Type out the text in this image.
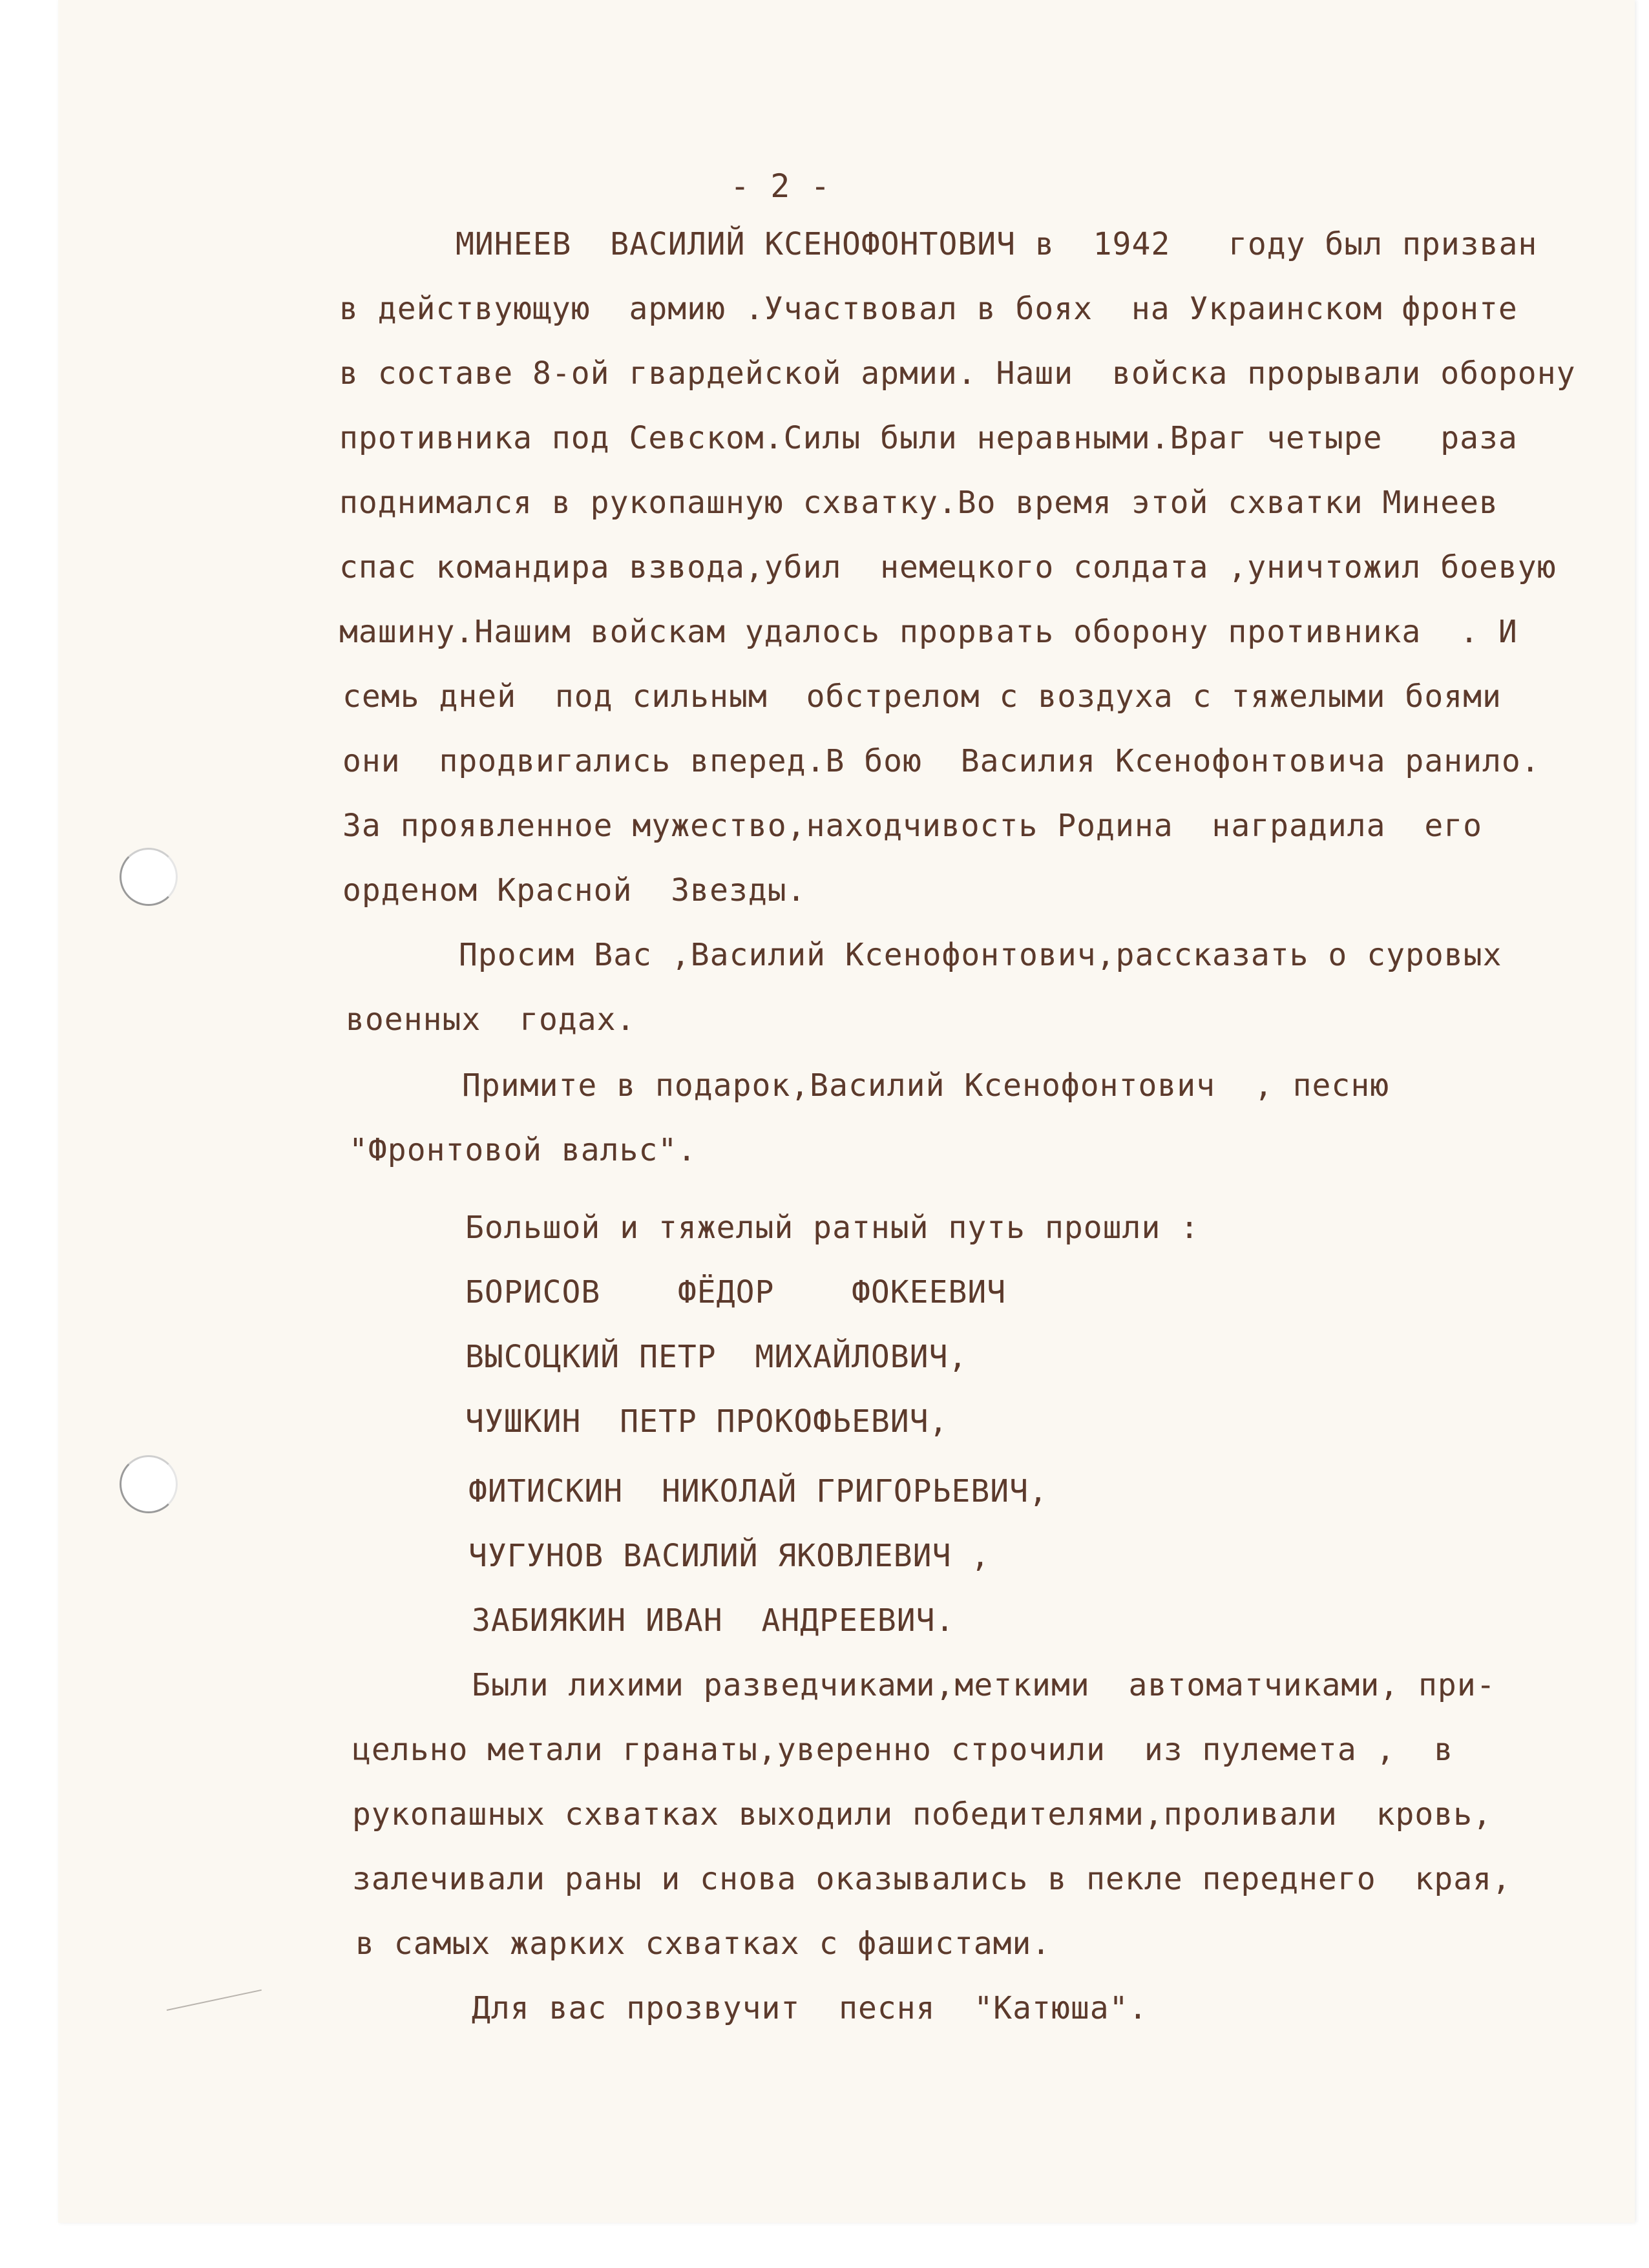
- 2 -
МИНЕЕВ  ВАСИЛИЙ КСЕНОФОНТОВИЧ в  1942   году был призван
в действующую  армию .Участвовал в боях  на Украинском фронте
в составе 8-ой гвардейской армии. Наши  войска прорывали оборону
противника под Севском.Силы были неравными.Враг четыре   раза
поднимался в рукопашную схватку.Во время этой схватки Минеев
спас командира взвода,убил  немецкого солдата ,уничтожил боевую
машину.Нашим войскам удалось прорвать оборону противника  . И
семь дней  под сильным  обстрелом с воздуха с тяжелыми боями
они  продвигались вперед.В бою  Василия Ксенофонтовича ранило.
За проявленное мужество,находчивость Родина  наградила  его
орденом Красной  Звезды.
Просим Вас ,Василий Ксенофонтович,рассказать о суровых
военных  годах.
Примите в подарок,Василий Ксенофонтович  , песню
"Фронтовой вальс".
Большой и тяжелый ратный путь прошли :
БОРИСОВ    ФЁДОР    ФОКЕЕВИЧ
ВЫСОЦКИЙ ПЕТР  МИХАЙЛОВИЧ,
ЧУШКИН  ПЕТР ПРОКОФЬЕВИЧ,
ФИТИСКИН  НИКОЛАЙ ГРИГОРЬЕВИЧ,
ЧУГУНОВ ВАСИЛИЙ ЯКОВЛЕВИЧ ,
ЗАБИЯКИН ИВАН  АНДРЕЕВИЧ.
Были лихими разведчиками,меткими  автоматчиками, при-
цельно метали гранаты,уверенно строчили  из пулемета ,  в
рукопашных схватках выходили победителями,проливали  кровь,
залечивали раны и снова оказывались в пекле переднего  края,
в самых жарких схватках с фашистами.
Для вас прозвучит  песня  "Катюша".
